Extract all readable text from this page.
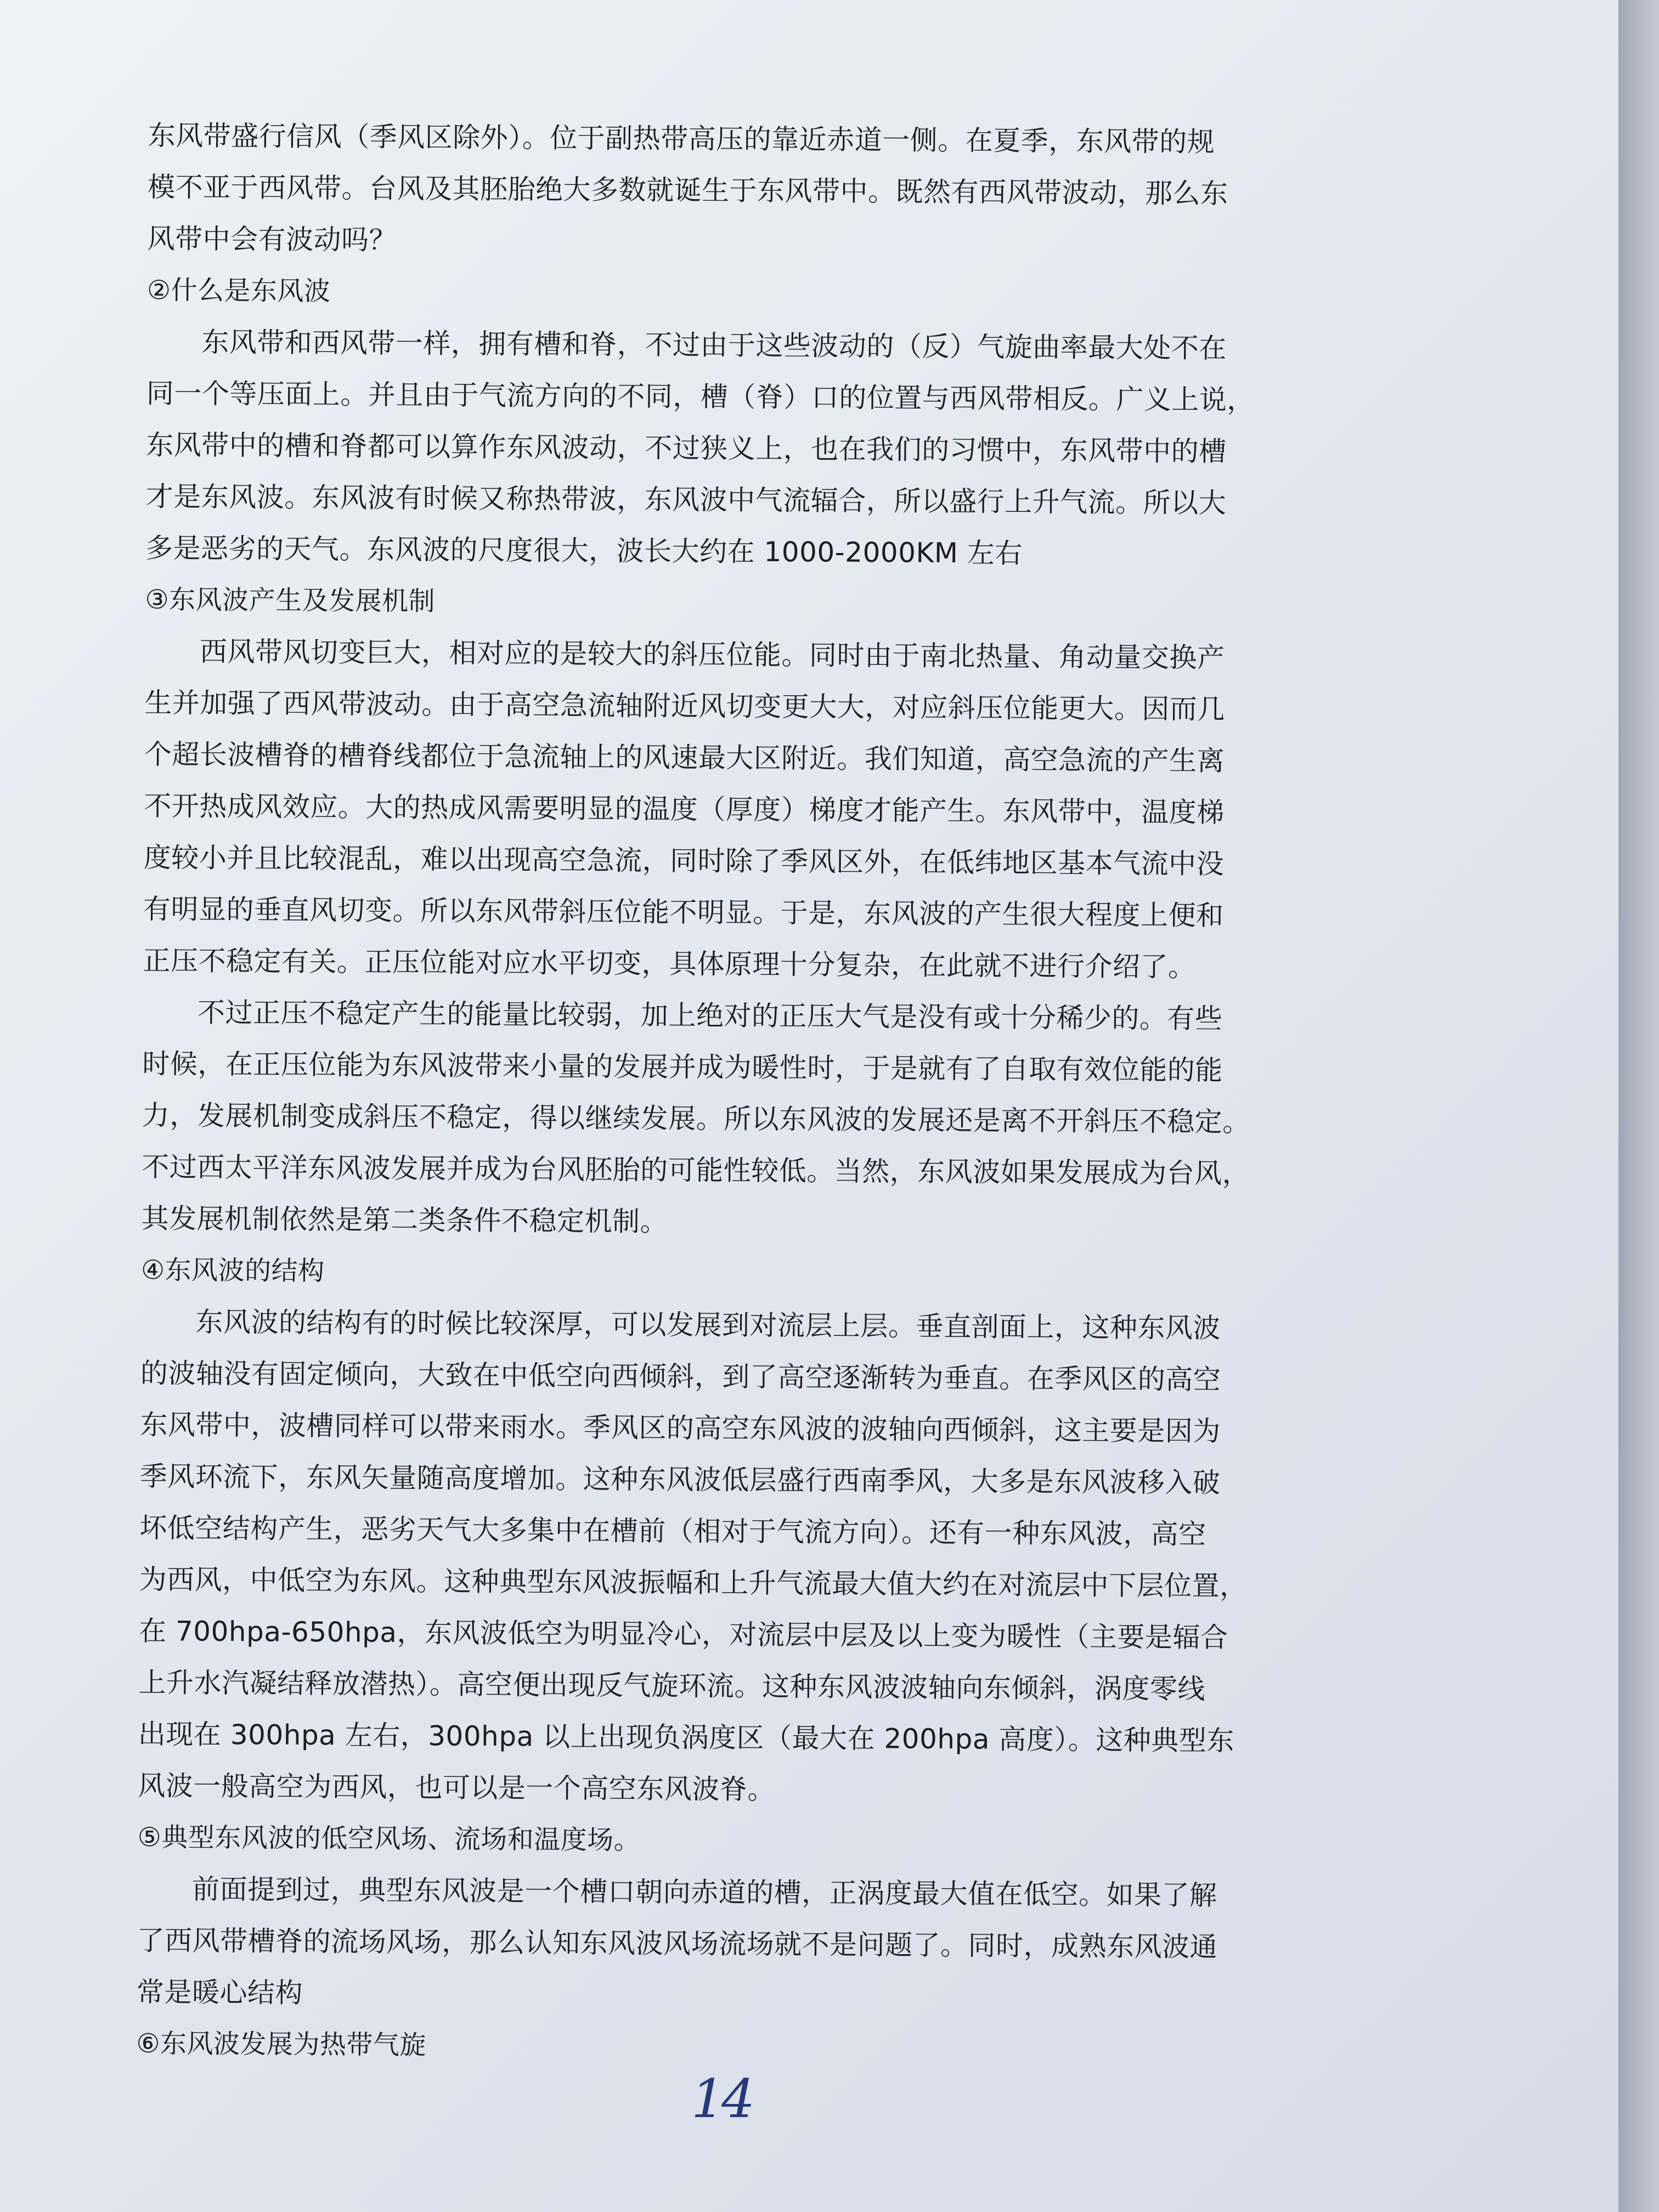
东风带盛行信风（季风区除外）。位于副热带高压的靠近赤道一侧。在夏季，东风带的规
模不亚于西风带。台风及其胚胎绝大多数就诞生于东风带中。既然有西风带波动，那么东
风带中会有波动吗？
②什么是东风波
东风带和西风带一样，拥有槽和脊，不过由于这些波动的（反）气旋曲率最大处不在
同一个等压面上。并且由于气流方向的不同，槽（脊）口的位置与西风带相反。广义上说，
东风带中的槽和脊都可以算作东风波动，不过狭义上，也在我们的习惯中，东风带中的槽
才是东风波。东风波有时候又称热带波，东风波中气流辐合，所以盛行上升气流。所以大
多是恶劣的天气。东风波的尺度很大，波长大约在 1000-2000KM 左右
③东风波产生及发展机制
西风带风切变巨大，相对应的是较大的斜压位能。同时由于南北热量、角动量交换产
生并加强了西风带波动。由于高空急流轴附近风切变更大大，对应斜压位能更大。因而几
个超长波槽脊的槽脊线都位于急流轴上的风速最大区附近。我们知道，高空急流的产生离
不开热成风效应。大的热成风需要明显的温度（厚度）梯度才能产生。东风带中，温度梯
度较小并且比较混乱，难以出现高空急流，同时除了季风区外，在低纬地区基本气流中没
有明显的垂直风切变。所以东风带斜压位能不明显。于是，东风波的产生很大程度上便和
正压不稳定有关。正压位能对应水平切变，具体原理十分复杂，在此就不进行介绍了。
不过正压不稳定产生的能量比较弱，加上绝对的正压大气是没有或十分稀少的。有些
时候，在正压位能为东风波带来小量的发展并成为暖性时，于是就有了自取有效位能的能
力，发展机制变成斜压不稳定，得以继续发展。所以东风波的发展还是离不开斜压不稳定。
不过西太平洋东风波发展并成为台风胚胎的可能性较低。当然，东风波如果发展成为台风，
其发展机制依然是第二类条件不稳定机制。
④东风波的结构
东风波的结构有的时候比较深厚，可以发展到对流层上层。垂直剖面上，这种东风波
的波轴没有固定倾向，大致在中低空向西倾斜，到了高空逐渐转为垂直。在季风区的高空
东风带中，波槽同样可以带来雨水。季风区的高空东风波的波轴向西倾斜，这主要是因为
季风环流下，东风矢量随高度增加。这种东风波低层盛行西南季风，大多是东风波移入破
坏低空结构产生，恶劣天气大多集中在槽前（相对于气流方向）。还有一种东风波，高空
为西风，中低空为东风。这种典型东风波振幅和上升气流最大值大约在对流层中下层位置，
在 700hpa-650hpa，东风波低空为明显冷心，对流层中层及以上变为暖性（主要是辐合
上升水汽凝结释放潜热）。高空便出现反气旋环流。这种东风波波轴向东倾斜，涡度零线
出现在 300hpa 左右，300hpa 以上出现负涡度区（最大在 200hpa 高度）。这种典型东
风波一般高空为西风，也可以是一个高空东风波脊。
⑤典型东风波的低空风场、流场和温度场。
前面提到过，典型东风波是一个槽口朝向赤道的槽，正涡度最大值在低空。如果了解
了西风带槽脊的流场风场，那么认知东风波风场流场就不是问题了。同时，成熟东风波通
常是暖心结构
⑥东风波发展为热带气旋
14
